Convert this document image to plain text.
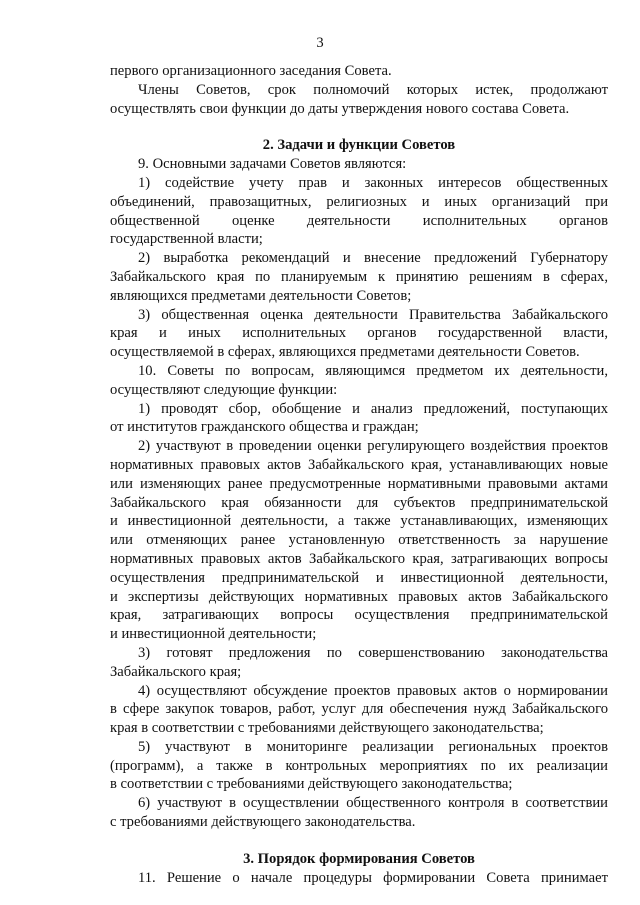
3
первого организационного заседания Совета.
Члены Советов, срок полномочий которых истек, продолжают
осуществлять свои функции до даты утверждения нового состава Совета.
2. Задачи и функции Советов
9. Основными задачами Советов являются:
1) содействие учету прав и законных интересов общественных
объединений, правозащитных, религиозных и иных организаций при
общественной оценке деятельности исполнительных органов
государственной власти;
2) выработка рекомендаций и внесение предложений Губернатору
Забайкальского края по планируемым к принятию решениям в сферах,
являющихся предметами деятельности Советов;
3) общественная оценка деятельности Правительства Забайкальского
края и иных исполнительных органов государственной власти,
осуществляемой в сферах, являющихся предметами деятельности Советов.
10. Советы по вопросам, являющимся предметом их деятельности,
осуществляют следующие функции:
1) проводят сбор, обобщение и анализ предложений, поступающих
от институтов гражданского общества и граждан;
2) участвуют в проведении оценки регулирующего воздействия проектов
нормативных правовых актов Забайкальского края, устанавливающих новые
или изменяющих ранее предусмотренные нормативными правовыми актами
Забайкальского края обязанности для субъектов предпринимательской
и инвестиционной деятельности, а также устанавливающих, изменяющих
или отменяющих ранее установленную ответственность за нарушение
нормативных правовых актов Забайкальского края, затрагивающих вопросы
осуществления предпринимательской и инвестиционной деятельности,
и экспертизы действующих нормативных правовых актов Забайкальского
края, затрагивающих вопросы осуществления предпринимательской
и инвестиционной деятельности;
3) готовят предложения по совершенствованию законодательства
Забайкальского края;
4) осуществляют обсуждение проектов правовых актов о нормировании
в сфере закупок товаров, работ, услуг для обеспечения нужд Забайкальского
края в соответствии с требованиями действующего законодательства;
5) участвуют в мониторинге реализации региональных проектов
(программ), а также в контрольных мероприятиях по их реализации
в соответствии с требованиями действующего законодательства;
6) участвуют в осуществлении общественного контроля в соответствии
с требованиями действующего законодательства.
3. Порядок формирования Советов
11. Решение о начале процедуры формировании Совета принимает
